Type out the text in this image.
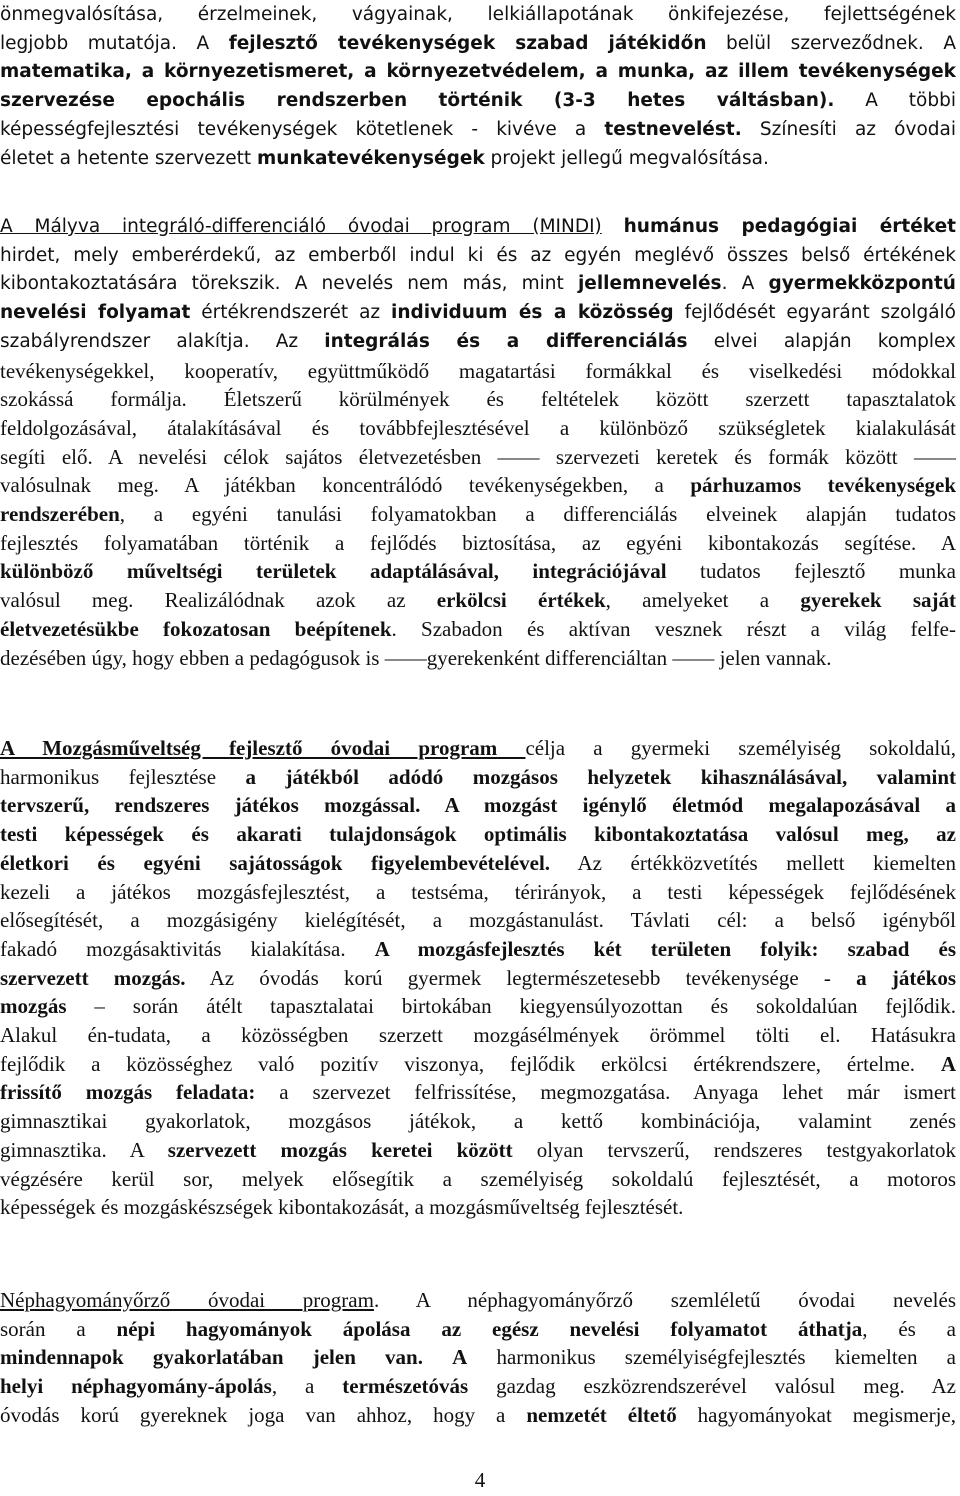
önmegvalósítása, érzelmeinek, vágyainak, lelkiállapotának önkifejezése, fejlettségének
legjobb mutatója. A fejlesztő tevékenységek szabad játékidőn belül szerveződnek. A
matematika, a környezetismeret, a környezetvédelem, a munka, az illem tevékenységek
szervezése epochális rendszerben történik (3-3 hetes váltásban). A többi
képességfejlesztési tevékenységek kötetlenek - kivéve a testnevelést. Színesíti az óvodai
életet a hetente szervezett munkatevékenységek projekt jellegű megvalósítása.
A Mályva integráló-differenciáló óvodai program (MINDI) humánus pedagógiai értéket
hirdet, mely emberérdekű, az emberből indul ki és az egyén meglévő összes belső értékének
kibontakoztatására törekszik. A nevelés nem más, mint jellemnevelés. A gyermekközpontú
nevelési folyamat értékrendszerét az individuum és a közösség fejlődését egyaránt szolgáló
szabályrendszer alakítja. Az integrálás és a differenciálás elvei alapján komplex
tevékenységekkel, kooperatív, együttműködő magatartási formákkal és viselkedési módokkal
szokássá formálja. Életszerű körülmények és feltételek között szerzett tapasztalatok
feldolgozásával, átalakításával és továbbfejlesztésével a különböző szükségletek kialakulását
segíti elő. A nevelési célok sajátos életvezetésben —— szervezeti keretek és formák között ——
valósulnak meg. A játékban koncentrálódó tevékenységekben, a párhuzamos tevékenységek
rendszerében, a egyéni tanulási folyamatokban a differenciálás elveinek alapján tudatos
fejlesztés folyamatában történik a fejlődés biztosítása, az egyéni kibontakozás segítése. A
különböző műveltségi területek adaptálásával, integrációjával tudatos fejlesztő munka
valósul meg. Realizálódnak azok az erkölcsi értékek, amelyeket a gyerekek saját
életvezetésükbe fokozatosan beépítenek. Szabadon és aktívan vesznek részt a világ felfe-
dezésében úgy, hogy ebben a pedagógusok is ——gyerekenként differenciáltan —— jelen vannak.
A Mozgásműveltség fejlesztő óvodai program célja a gyermeki személyiség sokoldalú,
harmonikus fejlesztése a játékból adódó mozgásos helyzetek kihasználásával, valamint
tervszerű, rendszeres játékos mozgással. A mozgást igénylő életmód megalapozásával a
testi képességek és akarati tulajdonságok optimális kibontakoztatása valósul meg, az
életkori és egyéni sajátosságok figyelembevételével. Az értékközvetítés mellett kiemelten
kezeli a játékos mozgásfejlesztést, a testséma, térirányok, a testi képességek fejlődésének
elősegítését, a mozgásigény kielégítését, a mozgástanulást. Távlati cél: a belső igényből
fakadó mozgásaktivitás kialakítása. A mozgásfejlesztés két területen folyik: szabad és
szervezett mozgás. Az óvodás korú gyermek legtermészetesebb tevékenysége - a játékos
mozgás – során átélt tapasztalatai birtokában kiegyensúlyozottan és sokoldalúan fejlődik.
Alakul én-tudata, a közösségben szerzett mozgásélmények örömmel tölti el. Hatásukra
fejlődik a közösséghez való pozitív viszonya, fejlődik erkölcsi értékrendszere, értelme. A
frissítő mozgás feladata: a szervezet felfrissítése, megmozgatása. Anyaga lehet már ismert
gimnasztikai gyakorlatok, mozgásos játékok, a kettő kombinációja, valamint zenés
gimnasztika. A szervezett mozgás keretei között olyan tervszerű, rendszeres testgyakorlatok
végzésére kerül sor, melyek elősegítik a személyiség sokoldalú fejlesztését, a motoros
képességek és mozgáskészségek kibontakozását, a mozgásműveltség fejlesztését.
Néphagyományőrző óvodai program. A néphagyományőrző szemléletű óvodai nevelés
során a népi hagyományok ápolása az egész nevelési folyamatot áthatja, és a
mindennapok gyakorlatában jelen van. A harmonikus személyiségfejlesztés kiemelten a
helyi néphagyomány-ápolás, a természetóvás gazdag eszközrendszerével valósul meg. Az
óvodás korú gyereknek joga van ahhoz, hogy a nemzetét éltető hagyományokat megismerje,
4
